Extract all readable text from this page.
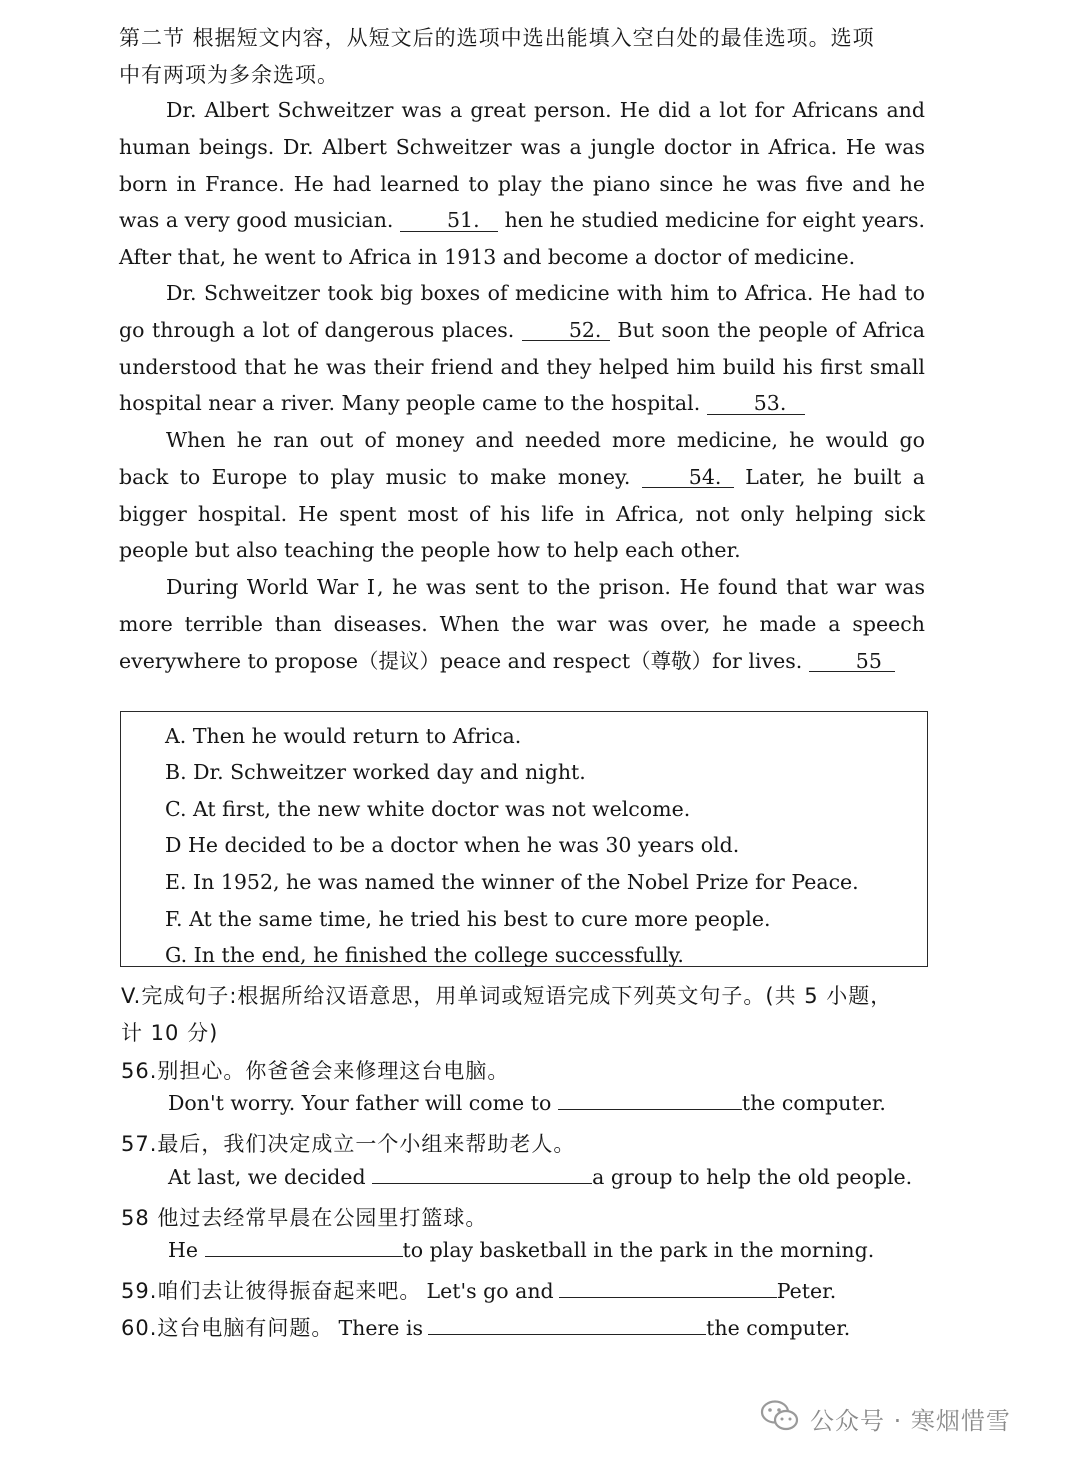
第二节 根据短文内容，从短文后的选项中选出能填入空白处的最佳选项。选项
中有两项为多余选项。
Dr. Albert Schweitzer was a great person. He did a lot for Africans and human beings. Dr. Albert Schweitzer was a jungle doctor in Africa. He was born in France. He had learned to play the piano since he was five and he was a very good musician.	51. hen he studied medicine for eight years. After that, he went to Africa in 1913 and become a doctor of medicine.
Dr. Schweitzer took big boxes of medicine with him to Africa. He had to go through a lot of dangerous places.	52. But soon the people of Africa understood that he was their friend and they helped him build his first small hospital near a river. Many people came to the hospital.	53.
When he ran out of money and needed more medicine, he would go back to Europe to play music to make money.	54. Later, he built a bigger hospital. He spent most of his life in Africa, not only helping sick people but also teaching the people how to help each other.
During World War Ⅰ, he was sent to the prison. He found that war was more terrible than diseases. When the war was over, he made a speech everywhere to propose（提议）peace and respect（尊敬）for lives.	55
A. Then he would return to Africa.
B. Dr. Schweitzer worked day and night.
C. At first, the new white doctor was not welcome.
D He decided to be a doctor when he was 30 years old.
E. In 1952, he was named the winner of the Nobel Prize for Peace.
F. At the same time, he tried his best to cure more people.
G. In the end, he finished the college successfully.
V.完成句子:根据所给汉语意思，用单词或短语完成下列英文句子。(共 5 小题，
计 10 分)
56.别担心。你爸爸会来修理这台电脑。
Don't worry. Your father will come to	the computer.
57.最后，我们决定成立一个小组来帮助老人。
At last, we decided	a group to help the old people.
58 他过去经常早晨在公园里打篮球。
He	to play basketball in the park in the morning.
59.咱们去让彼得振奋起来吧。 Let's go and	Peter.
60.这台电脑有问题。 There is	the computer.
公众号 · 寒烟惜雪
